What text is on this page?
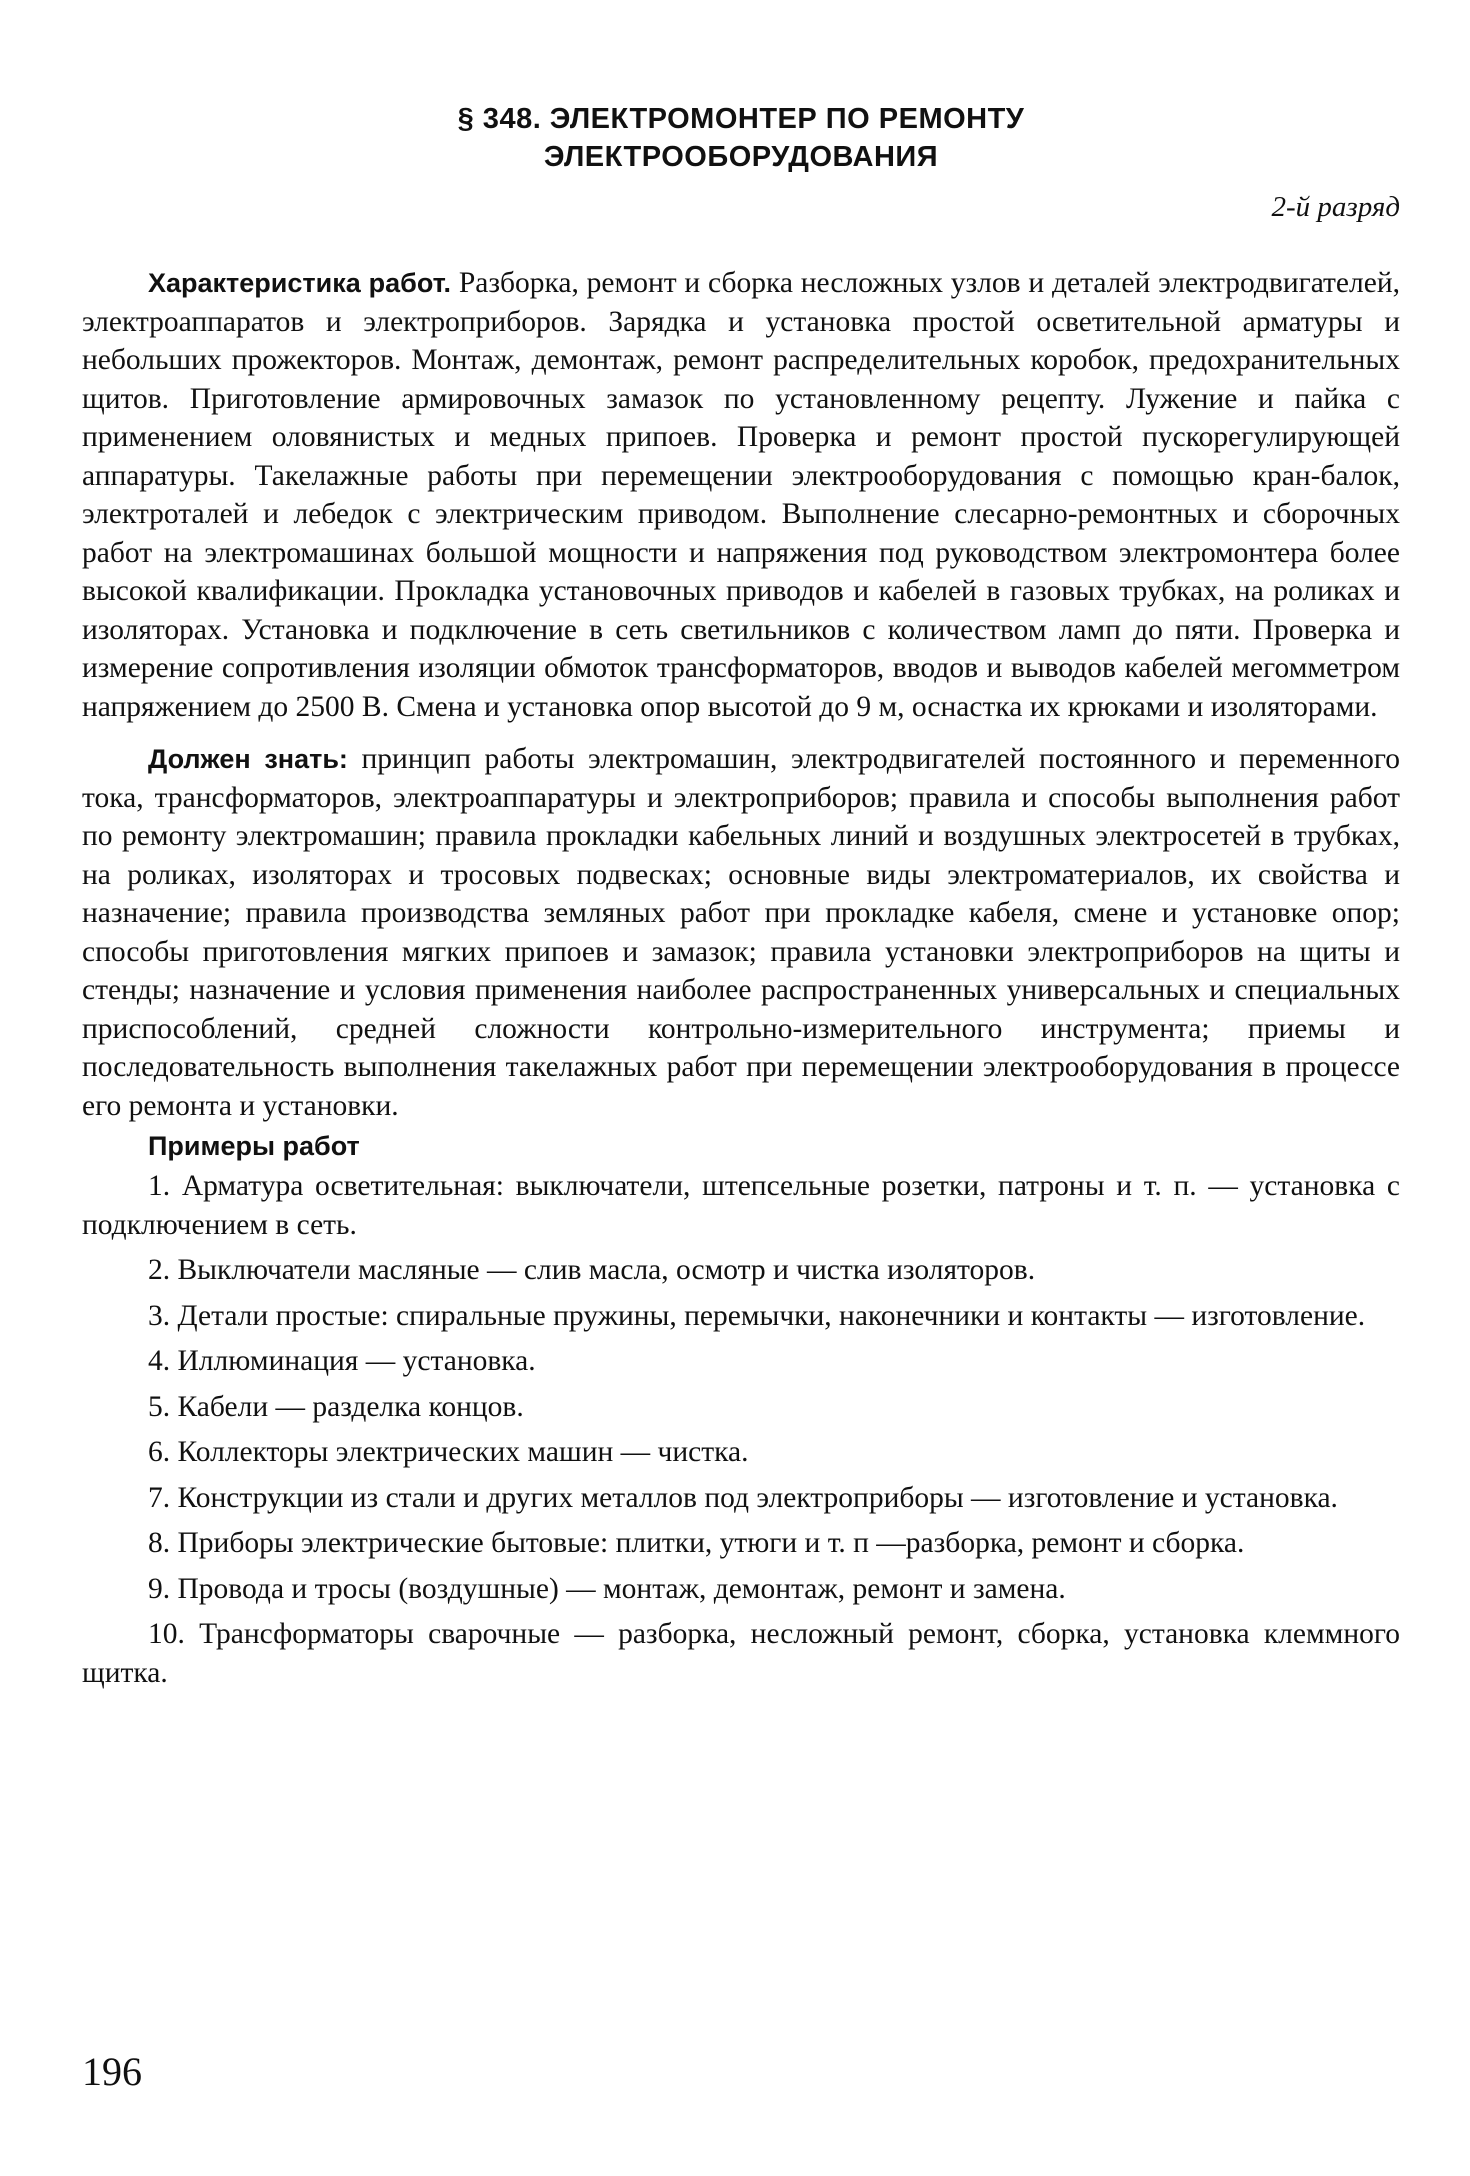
§ 348. ЭЛЕКТРОМОНТЕР ПО РЕМОНТУ
ЭЛЕКТРООБОРУДОВАНИЯ
2-й разряд

Характеристика работ. Разборка, ремонт и сборка несложных узлов и деталей электродвигателей, электроаппаратов и электроприборов. Зарядка и установка простой осветительной арматуры и небольших прожекторов. Монтаж, демонтаж, ремонт распределительных коробок, предохранительных щитов. Приготовление армировочных замазок по установленному рецепту. Лужение и пайка с применением оловянистых и медных припоев. Проверка и ремонт простой пускорегулирующей аппаратуры. Такелажные работы при перемещении электрооборудования с помощью кран-балок, электроталей и лебедок с электрическим приводом. Выполнение слесарно-ремонтных и сборочных работ на электромашинах большой мощности и напряжения под руководством электромонтера более высокой квалификации. Прокладка установочных приводов и кабелей в газовых трубках, на роликах и изоляторах. Установка и подключение в сеть светильников с количеством ламп до пяти. Проверка и измерение сопротивления изоляции обмоток трансформаторов, вводов и выводов кабелей мегомметром напряжением до 2500 В. Смена и установка опор высотой до 9 м, оснастка их крюками и изоляторами.

Должен знать: принцип работы электромашин, электродвигателей постоянного и переменного тока, трансформаторов, электроаппаратуры и электроприборов; правила и способы выполнения работ по ремонту электромашин; правила прокладки кабельных линий и воздушных электросетей в трубках, на роликах, изоляторах и тросовых подвесках; основные виды электроматериалов, их свойства и назначение; правила производства земляных работ при прокладке кабеля, смене и установке опор; способы приготовления мягких припоев и замазок; правила установки электроприборов на щиты и стенды; назначение и условия применения наиболее распространенных универсальных и специальных приспособлений, средней сложности контрольно-измерительного инструмента; приемы и последовательность выполнения такелажных работ при перемещении электрооборудования в процессе его ремонта и установки.

Примеры работ

1. Арматура осветительная: выключатели, штепсельные розетки, патроны и т. п. — установка с подключением в сеть.

2. Выключатели масляные — слив масла, осмотр и чистка изоляторов.

3. Детали простые: спиральные пружины, перемычки, наконечники и контакты — изготовление.

4. Иллюминация — установка.

5. Кабели — разделка концов.

6. Коллекторы электрических машин — чистка.

7. Конструкции из стали и других металлов под электроприборы — изготовление и установка.

8. Приборы электрические бытовые: плитки, утюги и т. п —разборка, ремонт и сборка.

9. Провода и тросы (воздушные) — монтаж, демонтаж, ремонт и замена.

10. Трансформаторы сварочные — разборка, несложный ремонт, сборка, установка клеммного щитка.

196
